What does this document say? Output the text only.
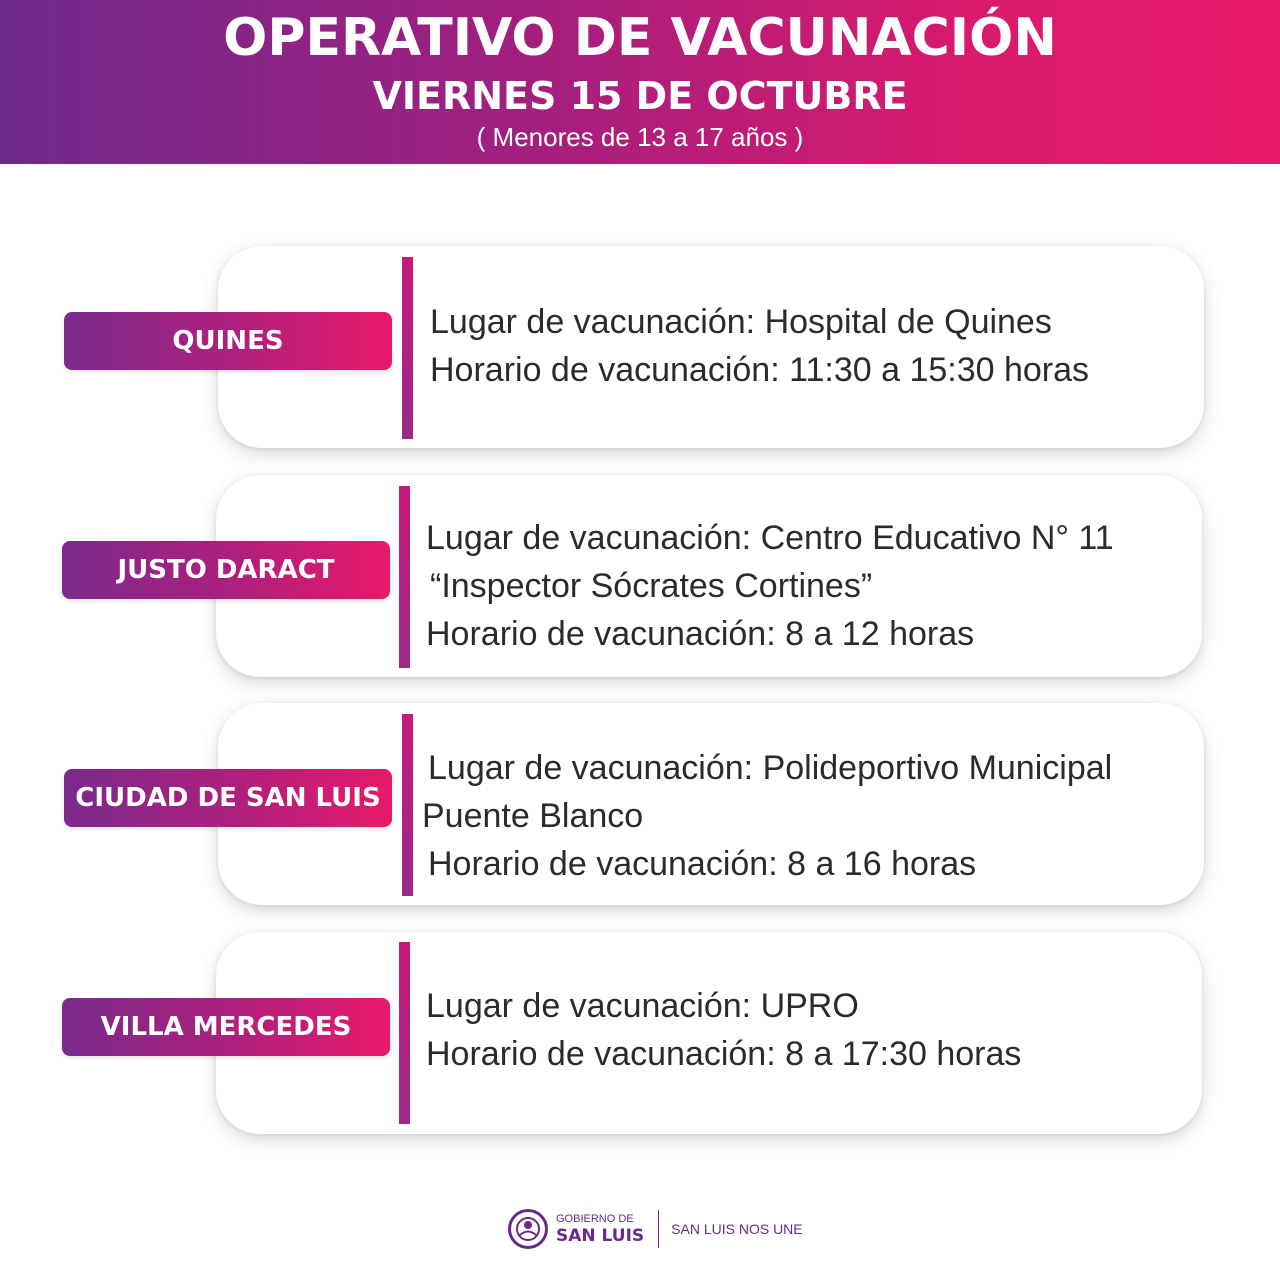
OPERATIVO DE VACUNACIÓN
VIERNES 15 DE OCTUBRE
( Menores de 13 a 17 años )
QUINES	Lugar de vacunación: Hospital de Quines
Horario de vacunación: 11:30 a 15:30 horas
JUSTO DARACT
Lugar de vacunación: Centro Educativo N° 11
“Inspector Sócrates Cortines”
Horario de vacunación: 8 a 12 horas
CIUDAD DE SAN LUIS
Lugar de vacunación: Polideportivo Municipal
Puente Blanco
Horario de vacunación: 8 a 16 horas
VILLA MERCEDES
Lugar de vacunación: UPRO
Horario de vacunación: 8 a 17:30 horas
GOBIERNO DE
SAN LUIS SAN LUIS NOS UNE
